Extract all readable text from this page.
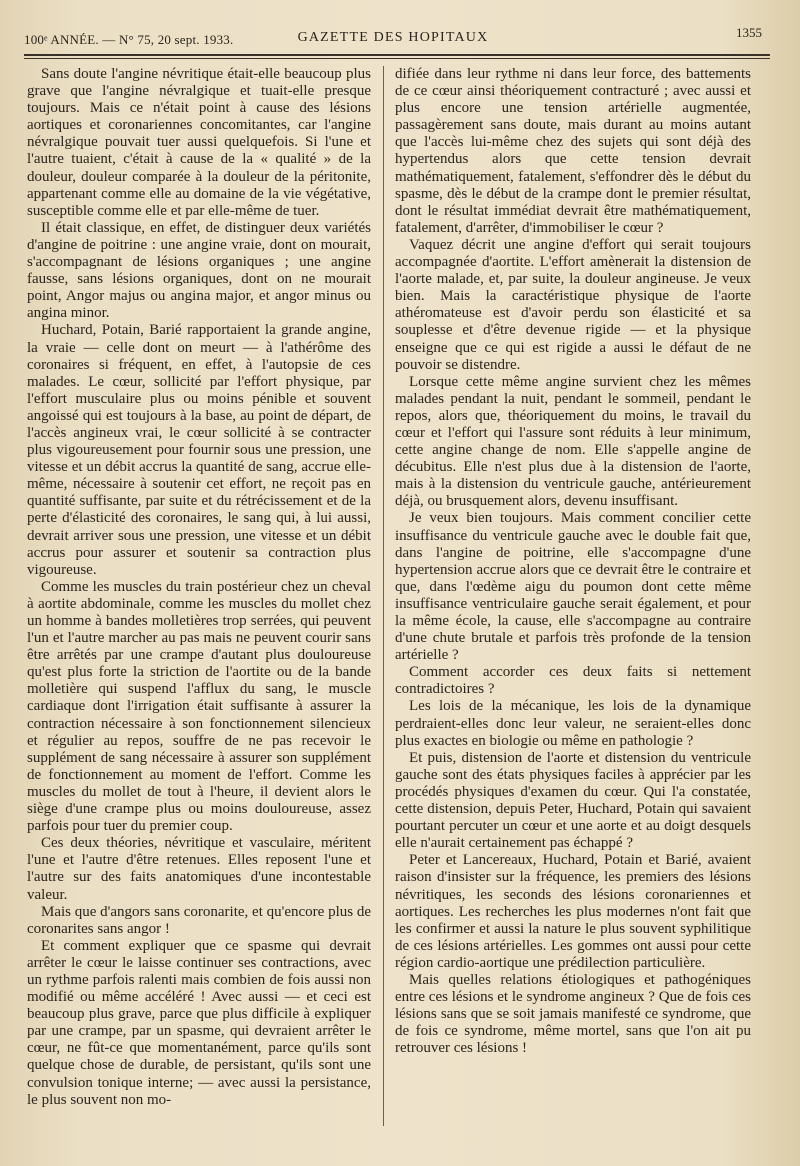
100ᵉ ANNÉE. — N° 75, 20 sept. 1933.	GAZETTE DES HOPITAUX	1355

Sans doute l'angine névritique était-elle beaucoup plus grave que l'angine névralgique et tuait-elle presque toujours. Mais ce n'était point à cause des lésions aortiques et coronariennes concomitantes, car l'angine névralgique pouvait tuer aussi quelquefois. Si l'une et l'autre tuaient, c'était à cause de la « qualité » de la douleur, douleur comparée à la douleur de la péritonite, appartenant comme elle au domaine de la vie végétative, susceptible comme elle et par elle-même de tuer.

Il était classique, en effet, de distinguer deux variétés d'angine de poitrine : une angine vraie, dont on mourait, s'accompagnant de lésions organiques ; une angine fausse, sans lésions organiques, dont on ne mourait point, Angor majus ou angina major, et angor minus ou angina minor.

Huchard, Potain, Barié rapportaient la grande angine, la vraie — celle dont on meurt — à l'athérôme des coronaires si fréquent, en effet, à l'autopsie de ces malades. Le cœur, sollicité par l'effort physique, par l'effort musculaire plus ou moins pénible et souvent angoissé qui est toujours à la base, au point de départ, de l'accès angineux vrai, le cœur sollicité à se contracter plus vigoureusement pour fournir sous une pression, une vitesse et un débit accrus la quantité de sang, accrue elle-même, nécessaire à soutenir cet effort, ne reçoit pas en quantité suffisante, par suite et du rétrécissement et de la perte d'élasticité des coronaires, le sang qui, à lui aussi, devrait arriver sous une pression, une vitesse et un débit accrus pour assurer et soutenir sa contraction plus vigoureuse.

Comme les muscles du train postérieur chez un cheval à aortite abdominale, comme les muscles du mollet chez un homme à bandes molletières trop serrées, qui peuvent l'un et l'autre marcher au pas mais ne peuvent courir sans être arrêtés par une crampe d'autant plus douloureuse qu'est plus forte la striction de l'aortite ou de la bande molletière qui suspend l'afflux du sang, le muscle cardiaque dont l'irrigation était suffisante à assurer la contraction nécessaire à son fonctionnement silencieux et régulier au repos, souffre de ne pas recevoir le supplément de sang nécessaire à assurer son supplément de fonctionnement au moment de l'effort. Comme les muscles du mollet de tout à l'heure, il devient alors le siège d'une crampe plus ou moins douloureuse, assez parfois pour tuer du premier coup.

Ces deux théories, névritique et vasculaire, méritent l'une et l'autre d'être retenues. Elles reposent l'une et l'autre sur des faits anatomiques d'une incontestable valeur.

Mais que d'angors sans coronarite, et qu'encore plus de coronarites sans angor !

Et comment expliquer que ce spasme qui devrait arrêter le cœur le laisse continuer ses contractions, avec un rythme parfois ralenti mais combien de fois aussi non modifié ou même accéléré ! Avec aussi — et ceci est beaucoup plus grave, parce que plus difficile à expliquer par une crampe, par un spasme, qui devraient arrêter le cœur, ne fût-ce que momentanément, parce qu'ils sont quelque chose de durable, de persistant, qu'ils sont une convulsion tonique interne; — avec aussi la persistance, le plus souvent non mo-

difiée dans leur rythme ni dans leur force, des battements de ce cœur ainsi théoriquement contracturé ; avec aussi et plus encore une tension artérielle augmentée, passagèrement sans doute, mais durant au moins autant que l'accès lui-même chez des sujets qui sont déjà des hypertendus alors que cette tension devrait mathématiquement, fatalement, s'effondrer dès le début du spasme, dès le début de la crampe dont le premier résultat, dont le résultat immédiat devrait être mathématiquement, fatalement, d'arrêter, d'immobiliser le cœur ?

Vaquez décrit une angine d'effort qui serait toujours accompagnée d'aortite. L'effort amènerait la distension de l'aorte malade, et, par suite, la douleur angineuse. Je veux bien. Mais la caractéristique physique de l'aorte athéromateuse est d'avoir perdu son élasticité et sa souplesse et d'être devenue rigide — et la physique enseigne que ce qui est rigide a aussi le défaut de ne pouvoir se distendre.

Lorsque cette même angine survient chez les mêmes malades pendant la nuit, pendant le sommeil, pendant le repos, alors que, théoriquement du moins, le travail du cœur et l'effort qui l'assure sont réduits à leur minimum, cette angine change de nom. Elle s'appelle angine de décubitus. Elle n'est plus due à la distension de l'aorte, mais à la distension du ventricule gauche, antérieurement déjà, ou brusquement alors, devenu insuffisant.

Je veux bien toujours. Mais comment concilier cette insuffisance du ventricule gauche avec le double fait que, dans l'angine de poitrine, elle s'accompagne d'une hypertension accrue alors que ce devrait être le contraire et que, dans l'œdème aigu du poumon dont cette même insuffisance ventriculaire gauche serait également, et pour la même école, la cause, elle s'accompagne au contraire d'une chute brutale et parfois très profonde de la tension artérielle ?

Comment accorder ces deux faits si nettement contradictoires ?

Les lois de la mécanique, les lois de la dynamique perdraient-elles donc leur valeur, ne seraient-elles donc plus exactes en biologie ou même en pathologie ?

Et puis, distension de l'aorte et distension du ventricule gauche sont des états physiques faciles à apprécier par les procédés physiques d'examen du cœur. Qui l'a constatée, cette distension, depuis Peter, Huchard, Potain qui savaient pourtant percuter un cœur et une aorte et au doigt desquels elle n'aurait certainement pas échappé ?

Peter et Lancereaux, Huchard, Potain et Barié, avaient raison d'insister sur la fréquence, les premiers des lésions névritiques, les seconds des lésions coronariennes et aortiques. Les recherches les plus modernes n'ont fait que les confirmer et aussi la nature le plus souvent syphilitique de ces lésions artérielles. Les gommes ont aussi pour cette région cardio-aortique une prédilection particulière.

Mais quelles relations étiologiques et pathogéniques entre ces lésions et le syndrome angineux ? Que de fois ces lésions sans que se soit jamais manifesté ce syndrome, que de fois ce syndrome, même mortel, sans que l'on ait pu retrouver ces lésions !
